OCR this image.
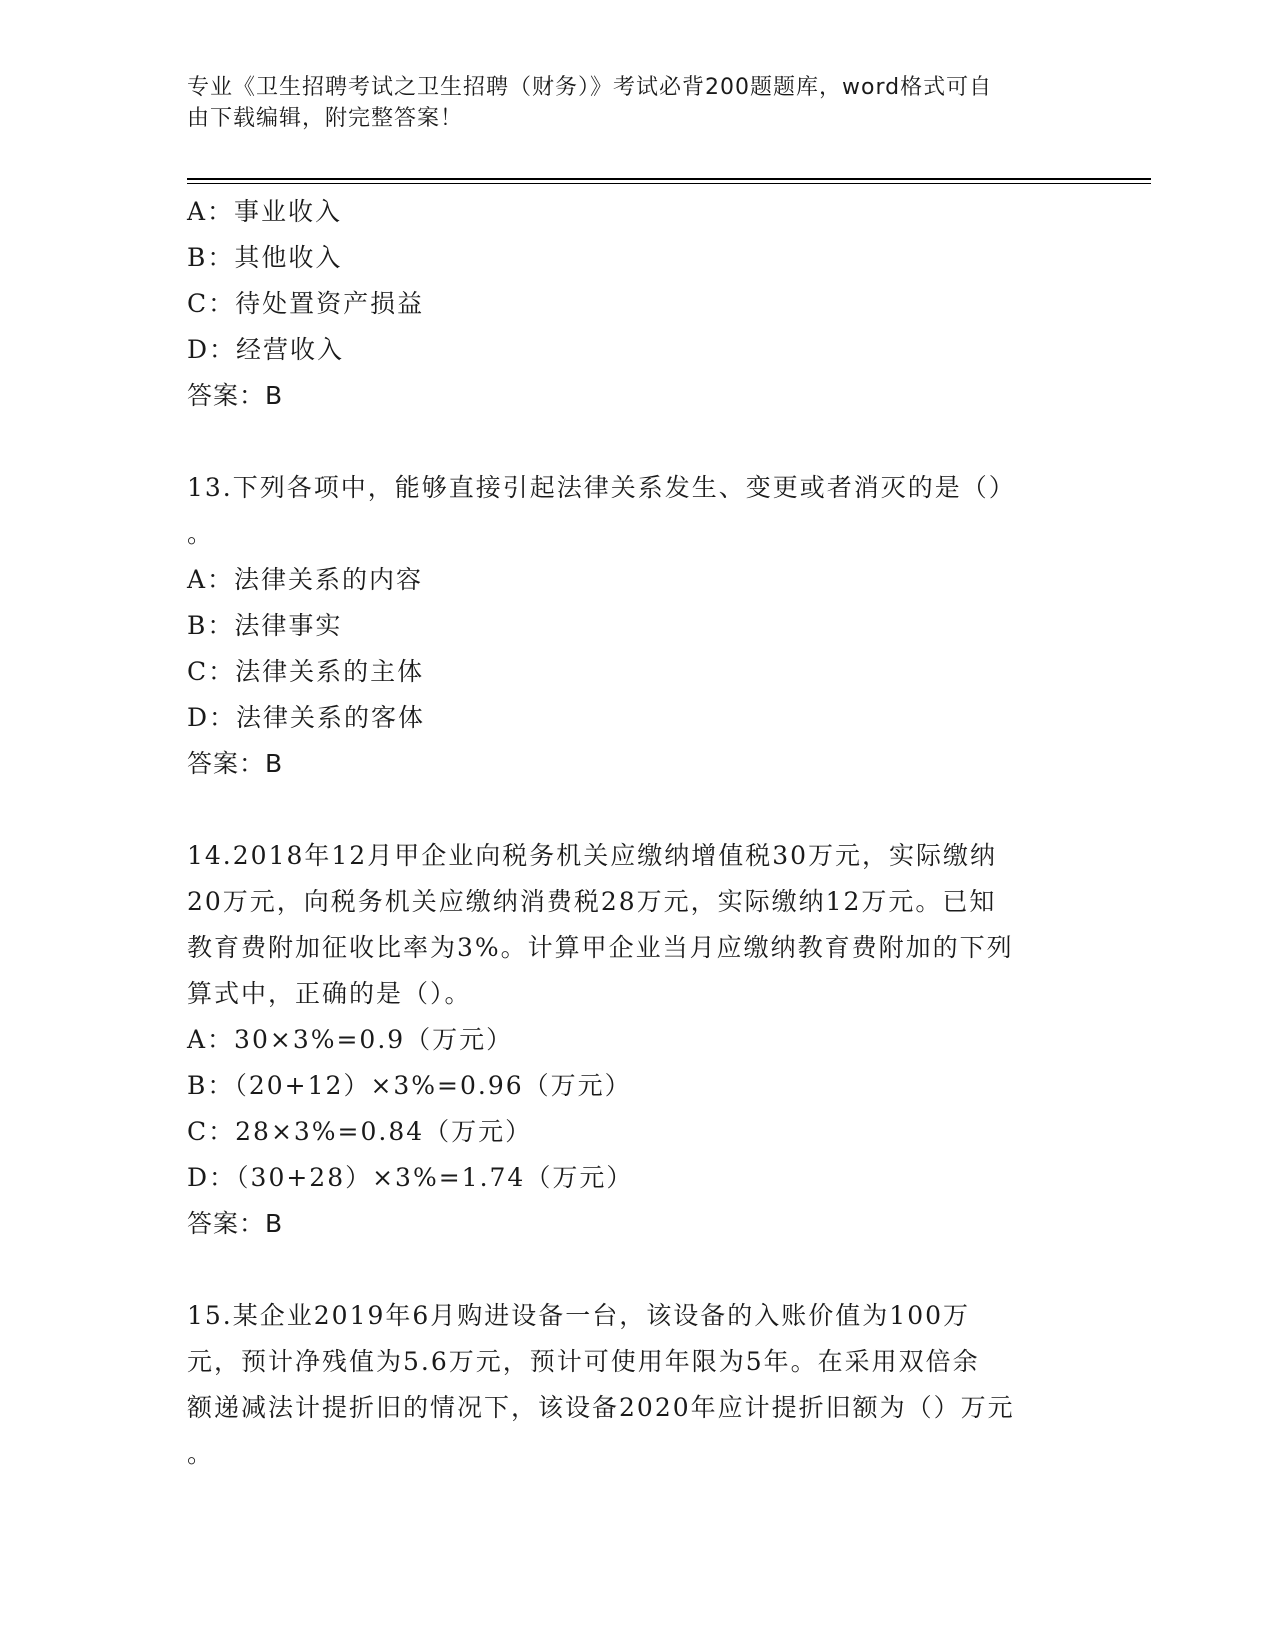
专业《卫生招聘考试之卫生招聘（财务）》考试必背200题题库，word格式可自
由下载编辑，附完整答案！
A：事业收入
B：其他收入
C：待处置资产损益
D：经营收入
答案：B
13.下列各项中，能够直接引起法律关系发生、变更或者消灭的是（）
。
A：法律关系的内容
B：法律事实
C：法律关系的主体
D：法律关系的客体
答案：B
14.2018年12月甲企业向税务机关应缴纳增值税30万元，实际缴纳
20万元，向税务机关应缴纳消费税28万元，实际缴纳12万元。已知
教育费附加征收比率为3%。计算甲企业当月应缴纳教育费附加的下列
算式中，正确的是（）。
A：30×3%=0.9（万元）
B：（20+12）×3%=0.96（万元）
C：28×3%=0.84（万元）
D：（30+28）×3%=1.74（万元）
答案：B
15.某企业2019年6月购进设备一台，该设备的入账价值为100万
元，预计净残值为5.6万元，预计可使用年限为5年。在采用双倍余
额递减法计提折旧的情况下，该设备2020年应计提折旧额为（）万元
。
